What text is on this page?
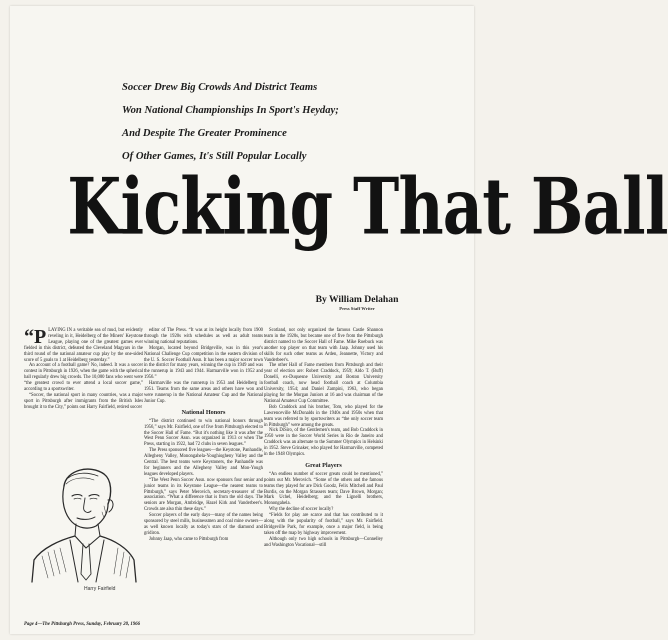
Soccer Drew Big Crowds And District Teams
Won National Championships In Sport's Heyday;
And Despite The Greater Prominence
Of Other Games, It's Still Popular Locally
Kicking That Ball
By William Delahan
Press Staff Writer

“PLAYING IN a veritable sea of mud, but evidently reveling in it, Heidelberg of the Miners' Keystone League, playing one of the greatest games ever fielded in this district, defeated the Cleveland Magyars in the third round of the national amateur cup play by the one-sided score of 5 goals to 1 at Heidelberg yesterday.”

An account of a football game? No, indeed. It was a soccer contest in Pittsburgh in 1926, when the game with the spherical ball regularly drew big crowds. The 10,000 fans who went were “the greatest crowd to ever attend a local soccer game,” according to a sportswriter.

“Soccer, the national sport in many countries, was a major sport in Pittsburgh after immigrants from the British Isles brought it to the City,” points out Harry Fairfield, retired soccer

editor of The Press. “It was at its height locally from 1900 through the 1920s with schedules as well as adult teams winning national reputations.

Morgan, located beyond Bridgeville, was in this year's National Challenge Cup competition in the eastern division of the U. S. Soccer Football Assn. It has been a major soccer town in the district for many years, winning the cup in 1949 and was the runnerup in 1943 and 1944. Harmarville won in 1952 and 1956.”

Harmarville was the runnerup in 1953 and Heidelberg in 1951. Teams from the same areas and others have won and were runnerup in the National Amateur Cup and the National Junior Cup.

National Honors

“The district continued to win national honors through 1956,” says Mr. Fairfield, one of five from Pittsburgh elected to the Soccer Hall of Fame. “But it's nothing like it was after the West Penn Soccer Assn. was organized in 1913 or when The Press, starting in 1922, had 72 clubs in seven leagues.”

The Press sponsored five leagues—the Keystone, Panhandle, Allegheny Valley, Monongahela-Youghiogheny Valley and the Central. The best teams were Keystoners, the Panhandle was for beginners and the Allegheny Valley and Mon-Yough leagues developed players.

“The West Penn Soccer Assn. now sponsors four senior and junior teams in its Keystone League—the nearest teams to Pittsburgh,” says Peter Merovich, secretary-treasurer of the association. “What a difference that is from the old days. The seniors are Morgan, Ambridge, Hazel Kirk and Vanderbeer's. Crowds are also thin these days.”

Soccer players of the early days—many of the names being sponsored by steel mills, businessmen and coal mine owners—as well known locally as today's stars of the diamond and gridiron.

Johnny Jaap, who came to Pittsburgh from

Scotland, not only organized the famous Castle Shannon team in the 1920s, but became one of five from the Pittsburgh district named to the Soccer Hall of Fame. Mike Roebuck was another top player on that team with Jaap. Johnny used his skills for such other teams as Arden, Jeannette, Victory and Vanderbeer's.

The other Hall of Fame members from Pittsburgh and their year of election are: Robert Craddock, 1959; Aldo T. (Buff) Donelli, ex-Duquesne University and Boston University football coach, now head football coach at Columbia University, 1954; and Daniel Zampini, 1963, who began playing for the Morgan Juniors at 16 and was chairman of the National Amateur Cup Committee.

Bob Craddock and his brother, Tom, who played for the Lawrenceville McDonalds in the 1940s and 1950s when that team was referred to by sportswriters as “the only soccer team in Pittsburgh” were among the greats.

Nick DiSiro, of the Gentlemen's team, and Bob Craddock in 1950 were in the Soccer World Series in Rio de Janeiro and Craddock was an alternate to the Summer Olympics in Helsinki in 1952. Steve Grinaker, who played for Harmarville, competed in the 1948 Olympics.

Great Players

“An endless number of soccer greats could be mentioned,” points out Mr. Merovich. “Some of the others and the famous teams they played for are Dick Goodz, Felix Mitchell and Paul Burdis, on the Morgan Strassers team; Dave Brown, Morgan; Mark Uchel, Heidelberg; and the Lignelli brothers, Monongahela.

Why the decline of soccer locally?

“Fields for play are scarce and that has contributed to it along with the popularity of football,” says Mr. Fairfield. Bridgeville Park, for example, once a major field, is being taken off the map by highway improvement.

Although only two high schools in Pittsburgh—Connelley and Washington Vocational—still

Harry Fairfield
Page 4—The Pittsburgh Press, Sunday, February 20, 1966
